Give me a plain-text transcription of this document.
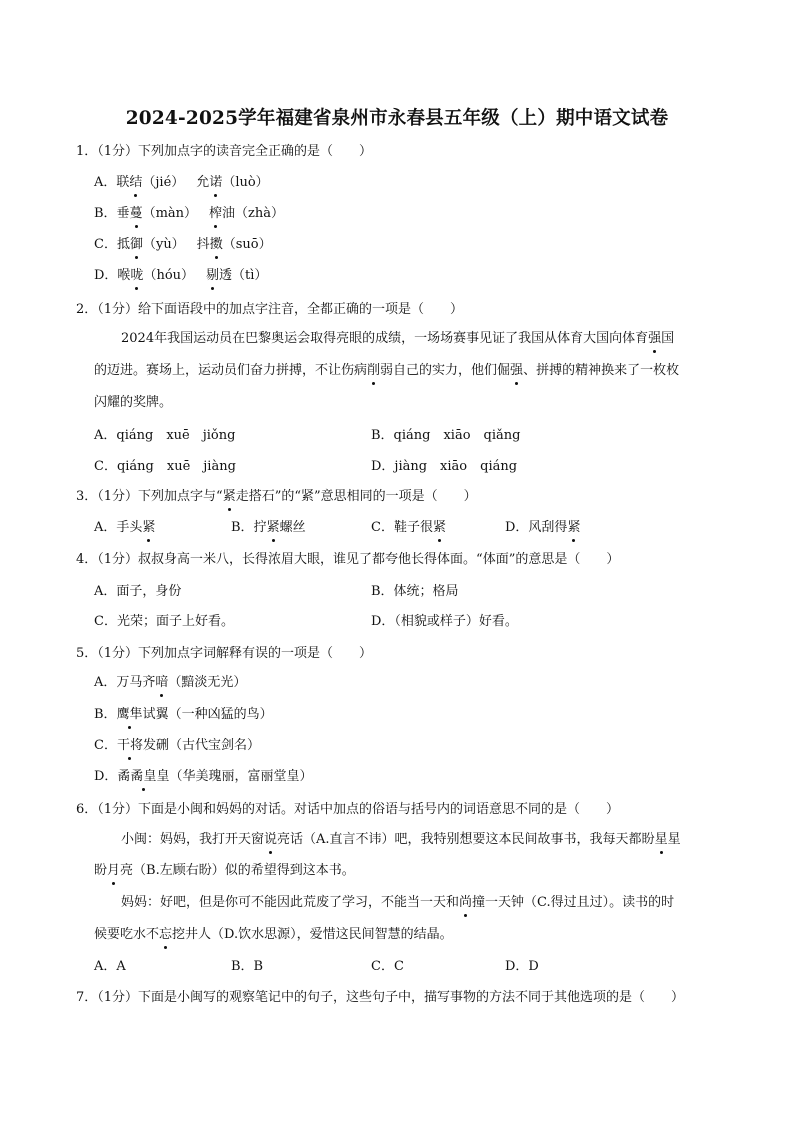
2024-2025学年福建省泉州市永春县五年级（上）期中语文试卷
1．（1分）下列加点字的读音完全正确的是（　　）
A．联结（jié） 允诺（luò）
B．垂蔓（màn） 榨油（zhà）
C．抵御（yù） 抖擞（suō）
D．喉咙（hóu） 剔透（tì）
2．（1分）给下面语段中的加点字注音，全都正确的一项是（　　）
2024年我国运动员在巴黎奥运会取得亮眼的成绩，一场场赛事见证了我国从体育大国向体育强国
的迈进。赛场上，运动员们奋力拼搏，不让伤病削弱自己的实力，他们倔强、拼搏的精神换来了一枚枚
闪耀的奖牌。
A．qiáng　xuē　jiǒng	B．qiáng　xiāo　qiǎng
C．qiáng　xuē　jiàng	D．jiàng　xiāo　qiáng
3．（1分）下列加点字与“紧走搭石”的“紧”意思相同的一项是（　　）
A．手头紧	B．拧紧螺丝	C．鞋子很紧	D．风刮得紧
4．（1分）叔叔身高一米八，长得浓眉大眼，谁见了都夸他长得体面。“体面”的意思是（　　）
A．面子，身份	B．体统；格局
C．光荣；面子上好看。	D．（相貌或样子）好看。
5．（1分）下列加点字词解释有误的一项是（　　）
A．万马齐喑（黯淡无光）
B．鹰隼试翼（一种凶猛的鸟）
C．干将发硎（古代宝剑名）
D．矞矞皇皇（华美瑰丽，富丽堂皇）
6．（1分）下面是小闽和妈妈的对话。对话中加点的俗语与括号内的词语意思不同的是（　　）
小闽：妈妈，我打开天窗说亮话（A.直言不讳）吧，我特别想要这本民间故事书，我每天都盼星星
盼月亮（B.左顾右盼）似的希望得到这本书。
妈妈：好吧，但是你可不能因此荒废了学习，不能当一天和尚撞一天钟（C.得过且过）。读书的时
候要吃水不忘挖井人（D.饮水思源），爱惜这民间智慧的结晶。
A．A	B．B	C．C	D．D
7．（1分）下面是小闽写的观察笔记中的句子，这些句子中，描写事物的方法不同于其他选项的是（　　）
